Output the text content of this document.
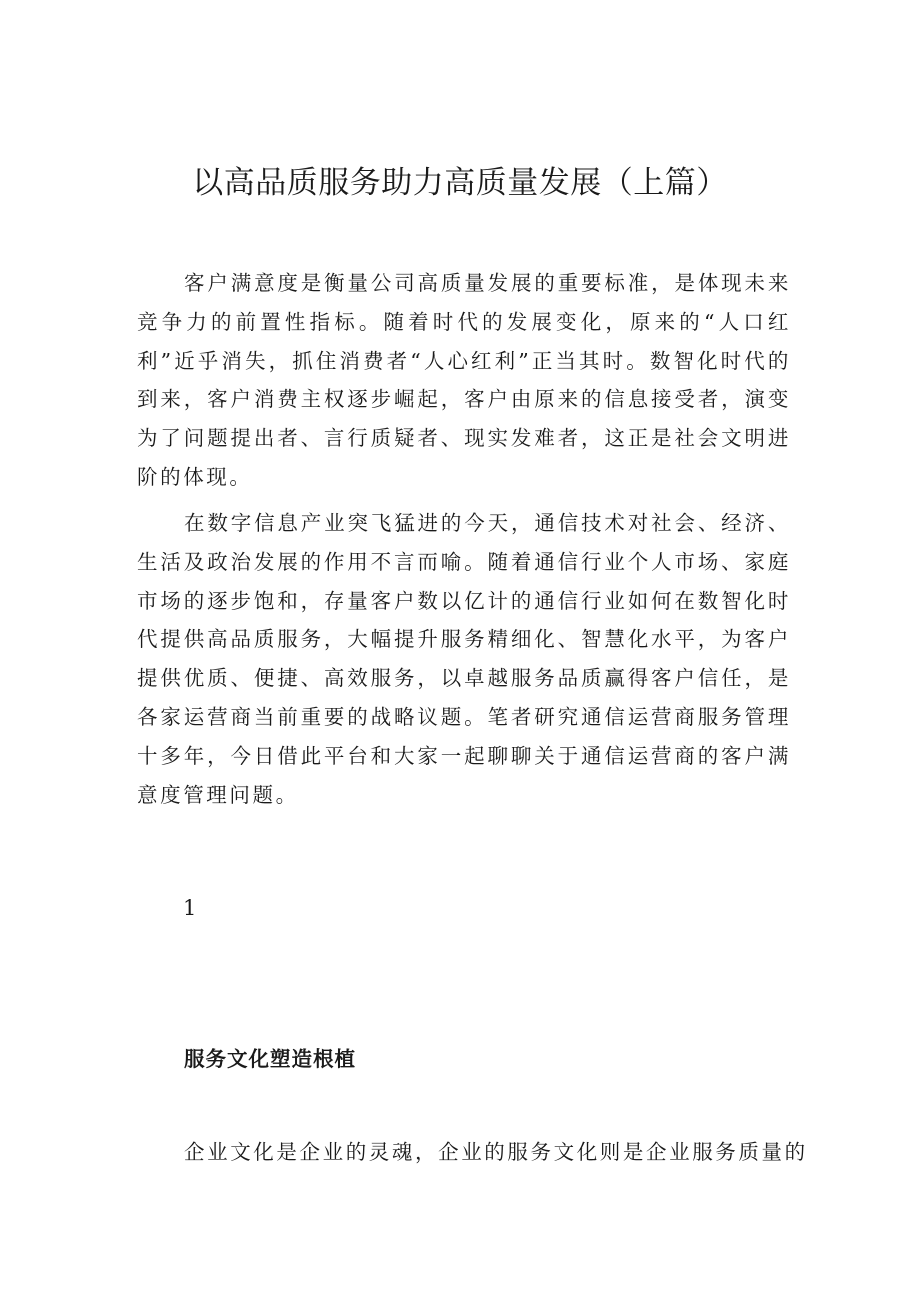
以高品质服务助力高质量发展（上篇）

客户满意度是衡量公司高质量发展的重要标准，是体现未来竞争力的前置性指标。随着时代的发展变化，原来的“人口红利”近乎消失，抓住消费者“人心红利”正当其时。数智化时代的到来，客户消费主权逐步崛起，客户由原来的信息接受者，演变为了问题提出者、言行质疑者、现实发难者，这正是社会文明进阶的体现。

在数字信息产业突飞猛进的今天，通信技术对社会、经济、生活及政治发展的作用不言而喻。随着通信行业个人市场、家庭市场的逐步饱和，存量客户数以亿计的通信行业如何在数智化时代提供高品质服务，大幅提升服务精细化、智慧化水平，为客户提供优质、便捷、高效服务，以卓越服务品质赢得客户信任，是各家运营商当前重要的战略议题。笔者研究通信运营商服务管理十多年，今日借此平台和大家一起聊聊关于通信运营商的客户满意度管理问题。

1
服务文化塑造根植

企业文化是企业的灵魂，企业的服务文化则是企业服务质量的
